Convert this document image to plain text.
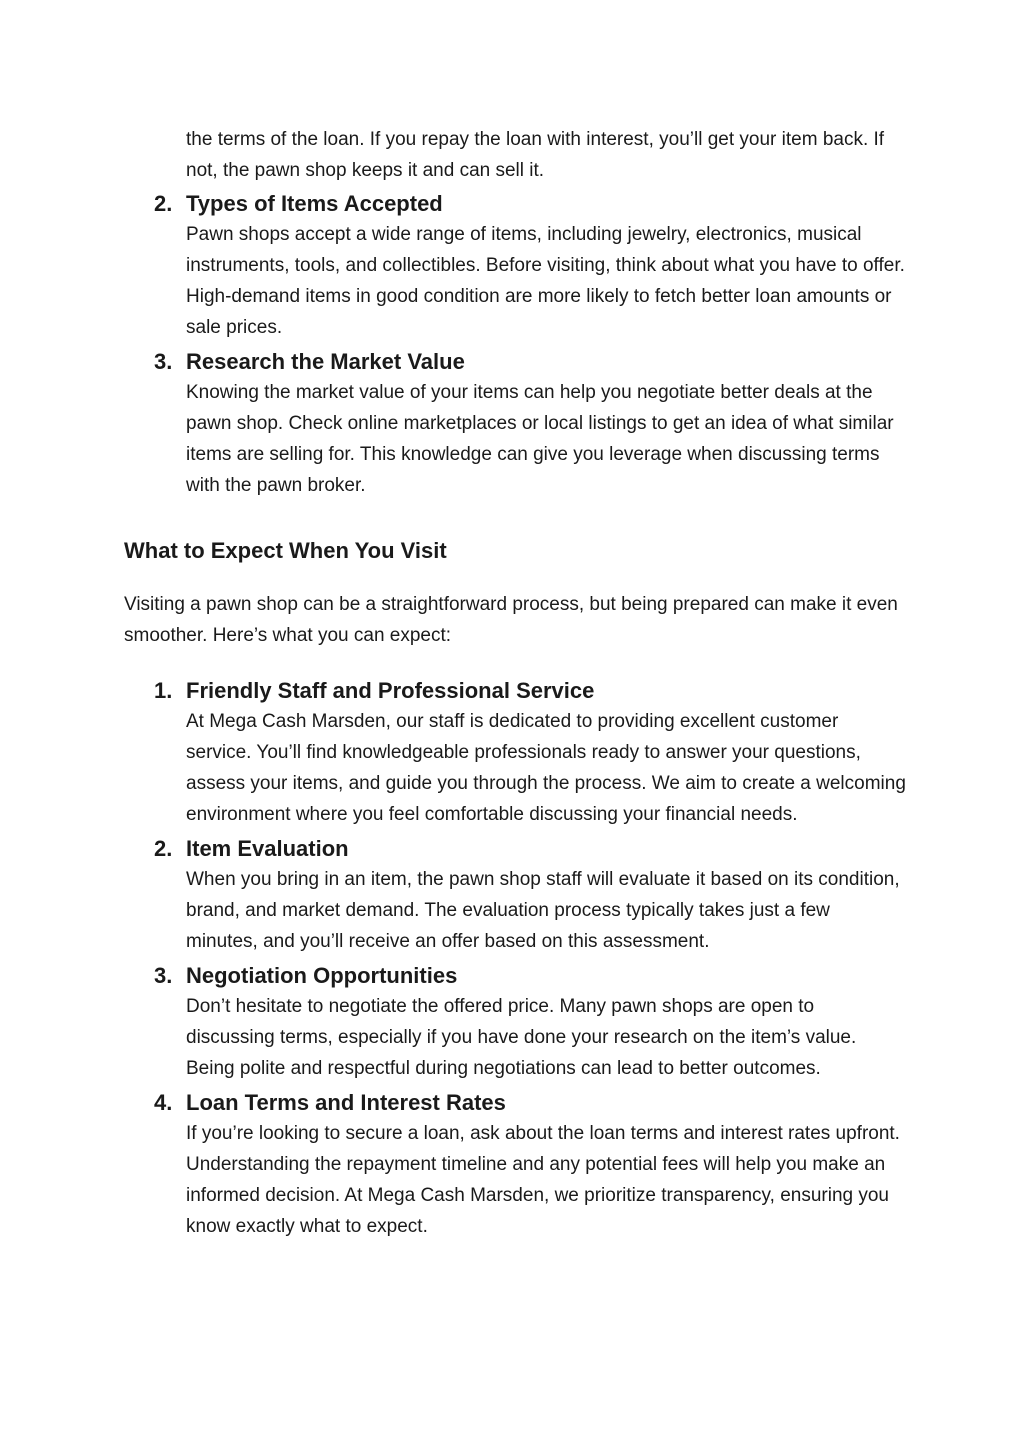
the terms of the loan. If you repay the loan with interest, you’ll get your item back. If not, the pawn shop keeps it and can sell it.

2. Types of Items Accepted

Pawn shops accept a wide range of items, including jewelry, electronics, musical instruments, tools, and collectibles. Before visiting, think about what you have to offer. High-demand items in good condition are more likely to fetch better loan amounts or sale prices.

3. Research the Market Value

Knowing the market value of your items can help you negotiate better deals at the pawn shop. Check online marketplaces or local listings to get an idea of what similar items are selling for. This knowledge can give you leverage when discussing terms with the pawn broker.

What to Expect When You Visit

Visiting a pawn shop can be a straightforward process, but being prepared can make it even smoother. Here’s what you can expect:

1. Friendly Staff and Professional Service

At Mega Cash Marsden, our staff is dedicated to providing excellent customer service. You’ll find knowledgeable professionals ready to answer your questions, assess your items, and guide you through the process. We aim to create a welcoming environment where you feel comfortable discussing your financial needs.

2. Item Evaluation

When you bring in an item, the pawn shop staff will evaluate it based on its condition, brand, and market demand. The evaluation process typically takes just a few minutes, and you’ll receive an offer based on this assessment.

3. Negotiation Opportunities

Don’t hesitate to negotiate the offered price. Many pawn shops are open to discussing terms, especially if you have done your research on the item’s value. Being polite and respectful during negotiations can lead to better outcomes.

4. Loan Terms and Interest Rates

If you’re looking to secure a loan, ask about the loan terms and interest rates upfront. Understanding the repayment timeline and any potential fees will help you make an informed decision. At Mega Cash Marsden, we prioritize transparency, ensuring you know exactly what to expect.
